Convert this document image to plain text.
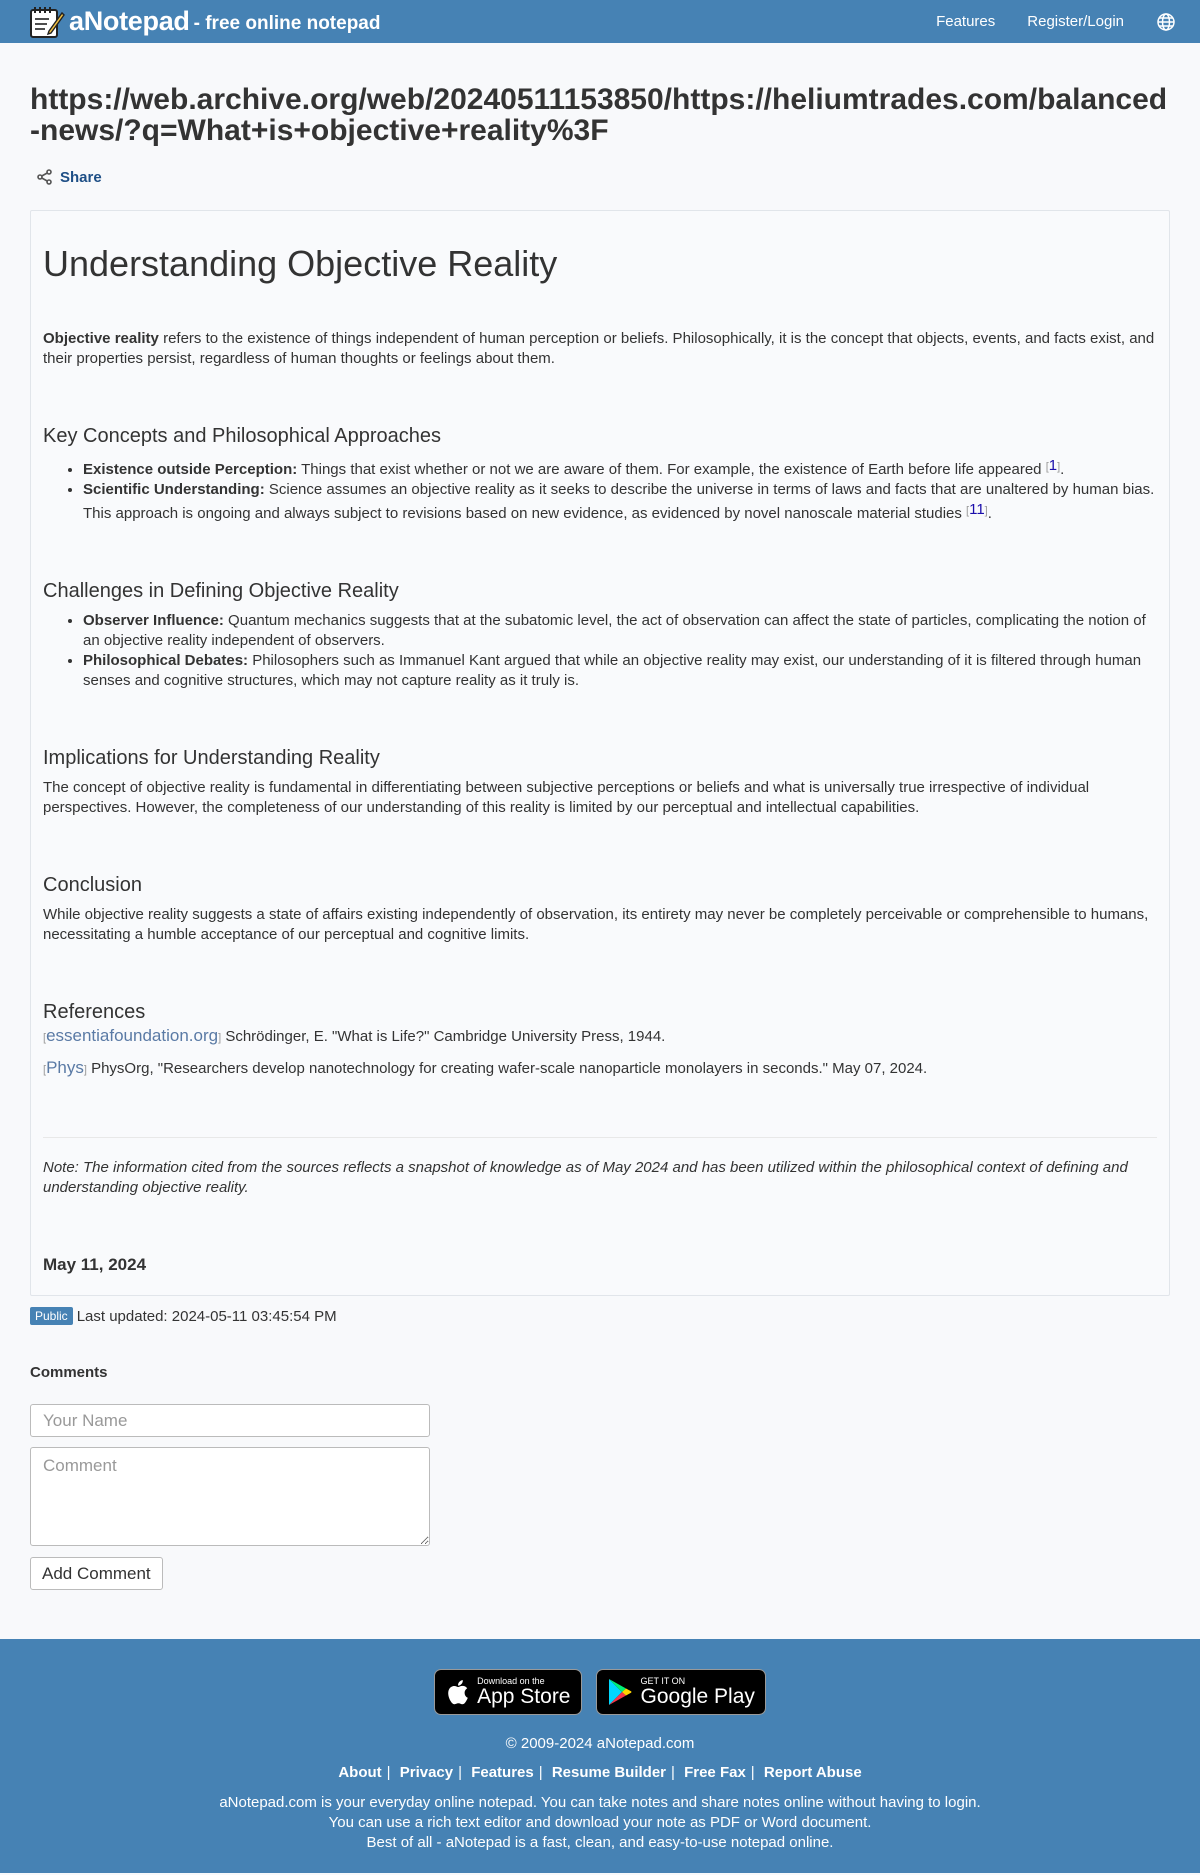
aNotepad - free online notepad	Features Register/Login
https://web.archive.org/web/20240511153850/https://heliumtrades.com/balanced-news/?q=What+is+objective+reality%3F
Share
Understanding Objective Reality

Objective reality refers to the existence of things independent of human perception or beliefs. Philosophically, it is the concept that objects, events, and facts exist, and their properties persist, regardless of human thoughts or feelings about them.

Key Concepts and Philosophical Approaches
• Existence outside Perception: Things that exist whether or not we are aware of them. For example, the existence of Earth before life appeared [1].
• Scientific Understanding: Science assumes an objective reality as it seeks to describe the universe in terms of laws and facts that are unaltered by human bias. This approach is ongoing and always subject to revisions based on new evidence, as evidenced by novel nanoscale material studies [11].
Challenges in Defining Objective Reality
• Observer Influence: Quantum mechanics suggests that at the subatomic level, the act of observation can affect the state of particles, complicating the notion of an objective reality independent of observers.
• Philosophical Debates: Philosophers such as Immanuel Kant argued that while an objective reality may exist, our understanding of it is filtered through human senses and cognitive structures, which may not capture reality as it truly is.
Implications for Understanding Reality

The concept of objective reality is fundamental in differentiating between subjective perceptions or beliefs and what is universally true irrespective of individual perspectives. However, the completeness of our understanding of this reality is limited by our perceptual and intellectual capabilities.

Conclusion

While objective reality suggests a state of affairs existing independently of observation, its entirety may never be completely perceivable or comprehensible to humans, necessitating a humble acceptance of our perceptual and cognitive limits.

References
[essentiafoundation.org] Schrödinger, E. "What is Life?" Cambridge University Press, 1944.
[Phys] PhysOrg, "Researchers develop nanotechnology for creating wafer-scale nanoparticle monolayers in seconds." May 07, 2024.

Note: The information cited from the sources reflects a snapshot of knowledge as of May 2024 and has been utilized within the philosophical context of defining and understanding objective reality.

May 11, 2024
Public Last updated: 2024-05-11 03:45:54 PM
Comments
Your Name
Comment Add Comment
Download on the
App Store
GET IT ON
Google Play
© 2009-2024 aNotepad.com
About | Privacy | Features | Resume Builder | Free Fax | Report Abuse
aNotepad.com is your everyday online notepad. You can take notes and share notes online without having to login.
You can use a rich text editor and download your note as PDF or Word document.
Best of all - aNotepad is a fast, clean, and easy-to-use notepad online.
